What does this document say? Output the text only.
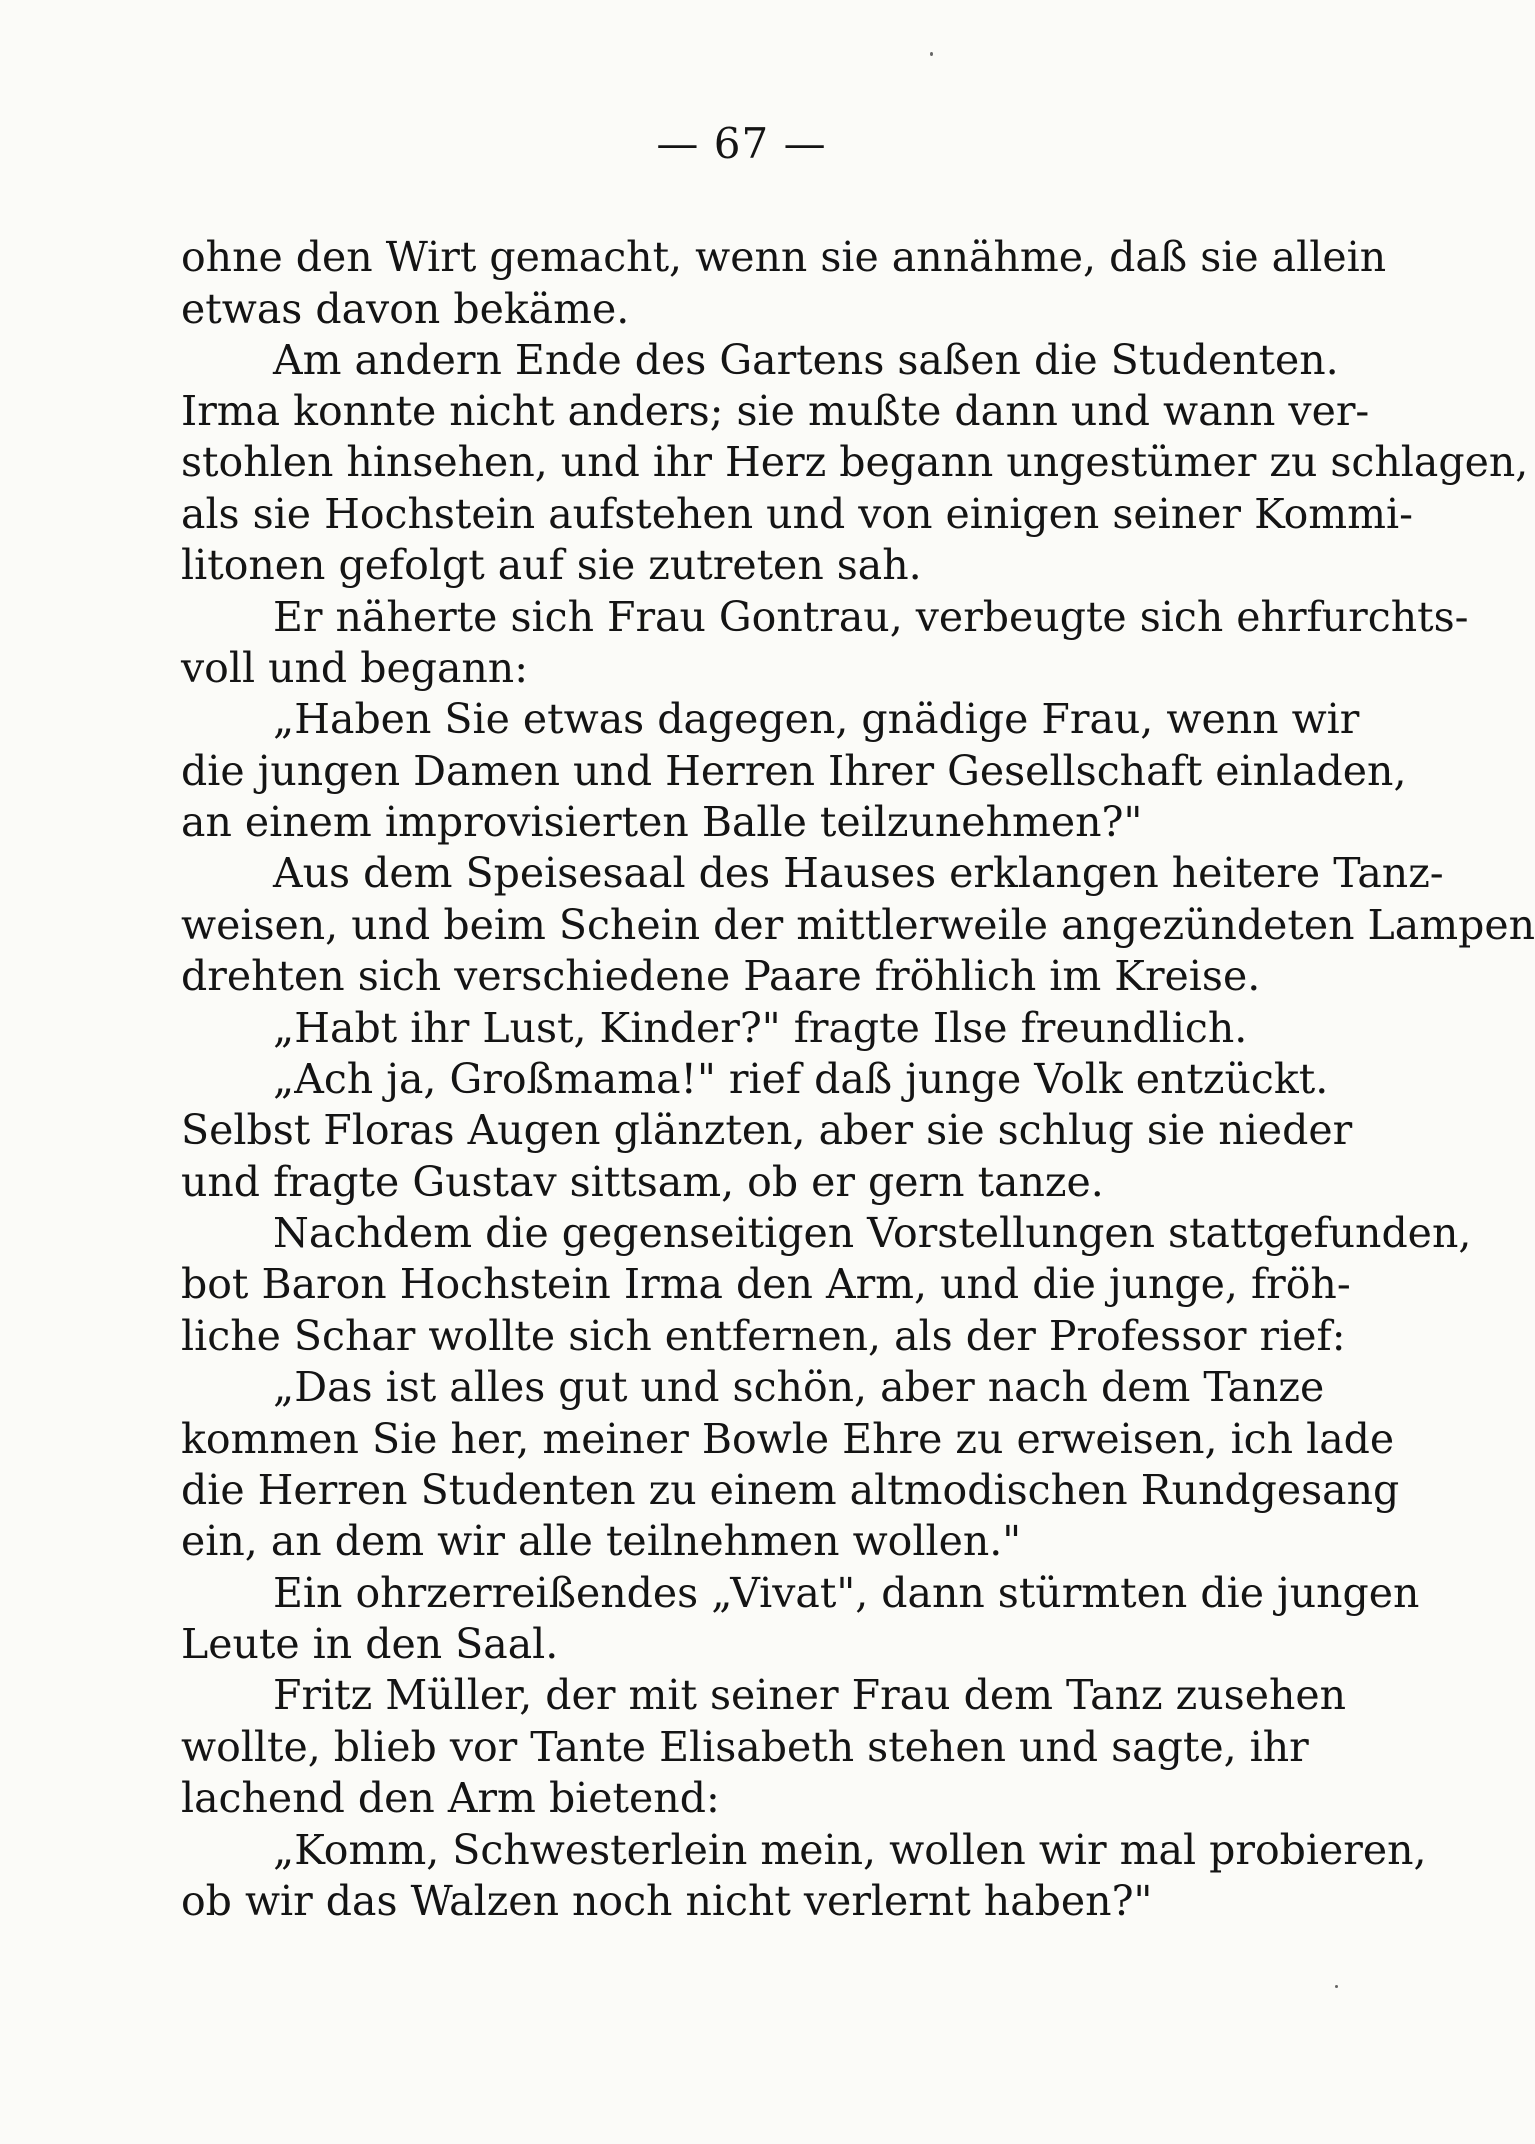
— 67 —
ohne den Wirt gemacht, wenn sie annähme, daß sie allein
etwas davon bekäme.
Am andern Ende des Gartens saßen die Studenten.
Irma konnte nicht anders; sie mußte dann und wann ver-
stohlen hinsehen, und ihr Herz begann ungestümer zu schlagen,
als sie Hochstein aufstehen und von einigen seiner Kommi-
litonen gefolgt auf sie zutreten sah.
Er näherte sich Frau Gontrau, verbeugte sich ehrfurchts-
voll und begann:
„Haben Sie etwas dagegen, gnädige Frau, wenn wir
die jungen Damen und Herren Ihrer Gesellschaft einladen,
an einem improvisierten Balle teilzunehmen?"
Aus dem Speisesaal des Hauses erklangen heitere Tanz-
weisen, und beim Schein der mittlerweile angezündeten Lampen
drehten sich verschiedene Paare fröhlich im Kreise.
„Habt ihr Lust, Kinder?" fragte Ilse freundlich.
„Ach ja, Großmama!" rief daß junge Volk entzückt.
Selbst Floras Augen glänzten, aber sie schlug sie nieder
und fragte Gustav sittsam, ob er gern tanze.
Nachdem die gegenseitigen Vorstellungen stattgefunden,
bot Baron Hochstein Irma den Arm, und die junge, fröh-
liche Schar wollte sich entfernen, als der Professor rief:
„Das ist alles gut und schön, aber nach dem Tanze
kommen Sie her, meiner Bowle Ehre zu erweisen, ich lade
die Herren Studenten zu einem altmodischen Rundgesang
ein, an dem wir alle teilnehmen wollen."
Ein ohrzerreißendes „Vivat", dann stürmten die jungen
Leute in den Saal.
Fritz Müller, der mit seiner Frau dem Tanz zusehen
wollte, blieb vor Tante Elisabeth stehen und sagte, ihr
lachend den Arm bietend:
„Komm, Schwesterlein mein, wollen wir mal probieren,
ob wir das Walzen noch nicht verlernt haben?"
